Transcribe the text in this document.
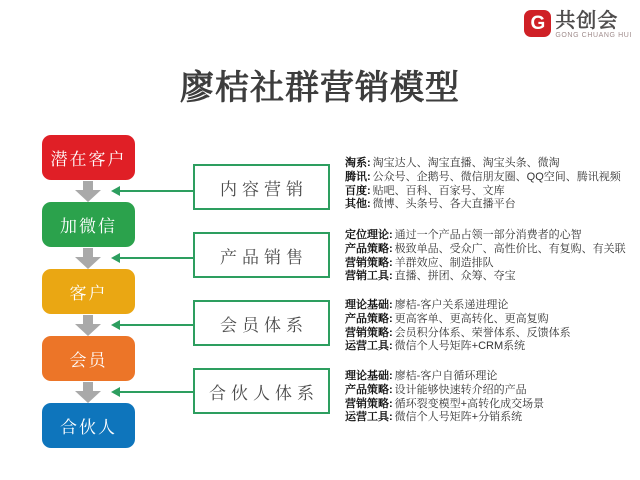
G 共创会
GONG CHUANG HUI
廖桔社群营销模型
潜在客户
加微信
客户
会员
合伙人
内容营销
产品销售
会员体系
合伙人体系
淘系: 淘宝达人、淘宝直播、淘宝头条、微淘
腾讯: 公众号、企鹅号、微信朋友圈、QQ空间、腾讯视频
百度: 贴吧、百科、百家号、文库
其他: 微博、头条号、各大直播平台
定位理论: 通过一个产品占领一部分消费者的心智
产品策略: 极致单品、受众广、高性价比、有复购、有关联
营销策略: 羊群效应、制造排队
营销工具: 直播、拼团、众筹、夺宝
理论基础: 廖桔-客户关系递进理论
产品策略: 更高客单、更高转化、更高复购
营销策略: 会员积分体系、荣誉体系、反馈体系
运营工具: 微信个人号矩阵+CRM系统
理论基础: 廖桔-客户自循环理论
产品策略: 设计能够快速转介绍的产品
营销策略: 循环裂变模型+高转化成交场景
运营工具: 微信个人号矩阵+分销系统
